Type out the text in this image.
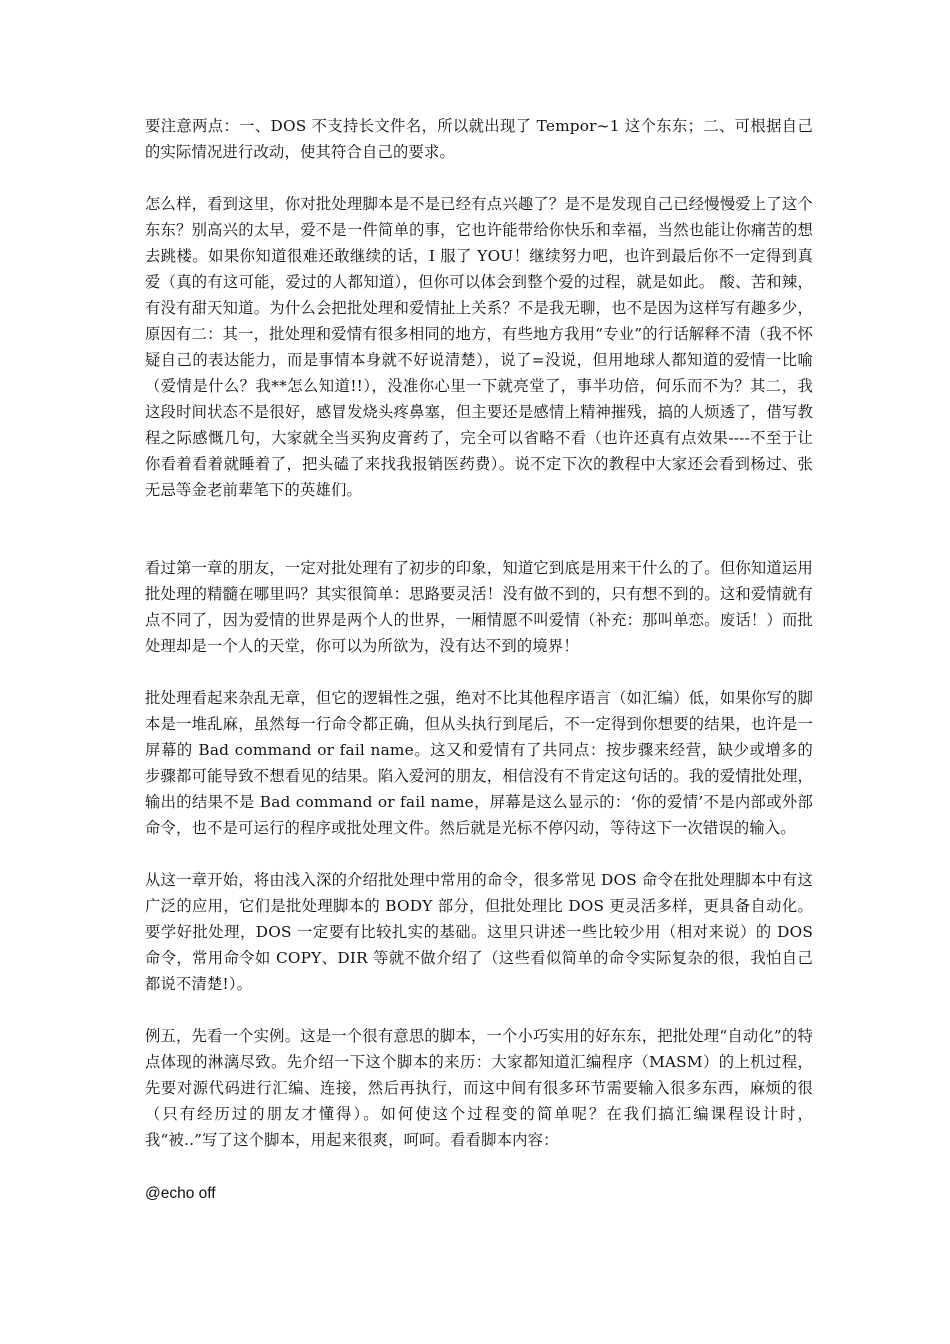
要注意两点：一、DOS 不支持长文件名，所以就出现了 Tempor~1 这个东东；二、可根据自己的实际情况进行改动，使其符合自己的要求。

怎么样，看到这里，你对批处理脚本是不是已经有点兴趣了？是不是发现自己已经慢慢爱上了这个东东？别高兴的太早，爱不是一件简单的事，它也许能带给你快乐和幸福，当然也能让你痛苦的想去跳楼。如果你知道很难还敢继续的话，I 服了 YOU！继续努力吧，也许到最后你不一定得到真爱（真的有这可能，爱过的人都知道），但你可以体会到整个爱的过程，就是如此。 酸、苦和辣，有没有甜天知道。为什么会把批处理和爱情扯上关系？不是我无聊，也不是因为这样写有趣多少，原因有二：其一，批处理和爱情有很多相同的地方，有些地方我用“专业”的行话解释不清（我不怀疑自己的表达能力，而是事情本身就不好说清楚），说了=没说，但用地球人都知道的爱情一比喻（爱情是什么？我**怎么知道!!），没准你心里一下就亮堂了，事半功倍，何乐而不为？其二，我这段时间状态不是很好，感冒发烧头疼鼻塞，但主要还是感情上精神摧残，搞的人烦透了，借写教程之际感慨几句，大家就全当买狗皮膏药了，完全可以省略不看（也许还真有点效果----不至于让你看着看着就睡着了，把头磕了来找我报销医药费）。说不定下次的教程中大家还会看到杨过、张无忌等金老前辈笔下的英雄们。

看过第一章的朋友，一定对批处理有了初步的印象，知道它到底是用来干什么的了。但你知道运用批处理的精髓在哪里吗？其实很简单：思路要灵活！没有做不到的，只有想不到的。这和爱情就有点不同了，因为爱情的世界是两个人的世界，一厢情愿不叫爱情（补充：那叫单恋。废话！）而批处理却是一个人的天堂，你可以为所欲为，没有达不到的境界！

批处理看起来杂乱无章，但它的逻辑性之强，绝对不比其他程序语言（如汇编）低，如果你写的脚本是一堆乱麻，虽然每一行命令都正确，但从头执行到尾后，不一定得到你想要的结果，也许是一屏幕的 Bad command or fail name。这又和爱情有了共同点：按步骤来经营，缺少或增多的步骤都可能导致不想看见的结果。陷入爱河的朋友，相信没有不肯定这句话的。我的爱情批处理，输出的结果不是 Bad command or fail name，屏幕是这么显示的：‘你的爱情’不是内部或外部命令，也不是可运行的程序或批处理文件。然后就是光标不停闪动，等待这下一次错误的输入。

从这一章开始，将由浅入深的介绍批处理中常用的命令，很多常见 DOS 命令在批处理脚本中有这广泛的应用，它们是批处理脚本的 BODY 部分，但批处理比 DOS 更灵活多样，更具备自动化。要学好批处理，DOS 一定要有比较扎实的基础。这里只讲述一些比较少用（相对来说）的 DOS 命令，常用命令如 COPY、DIR 等就不做介绍了（这些看似简单的命令实际复杂的很，我怕自己都说不清楚!）。

例五，先看一个实例。这是一个很有意思的脚本，一个小巧实用的好东东，把批处理“自动化”的特点体现的淋漓尽致。先介绍一下这个脚本的来历：大家都知道汇编程序（MASM）的上机过程，先要对源代码进行汇编、连接，然后再执行，而这中间有很多环节需要输入很多东西，麻烦的很（只有经历过的朋友才懂得）。如何使这个过程变的简单呢？在我们搞汇编课程设计时，我“被..”写了这个脚本，用起来很爽，呵呵。看看脚本内容：

@echo off
